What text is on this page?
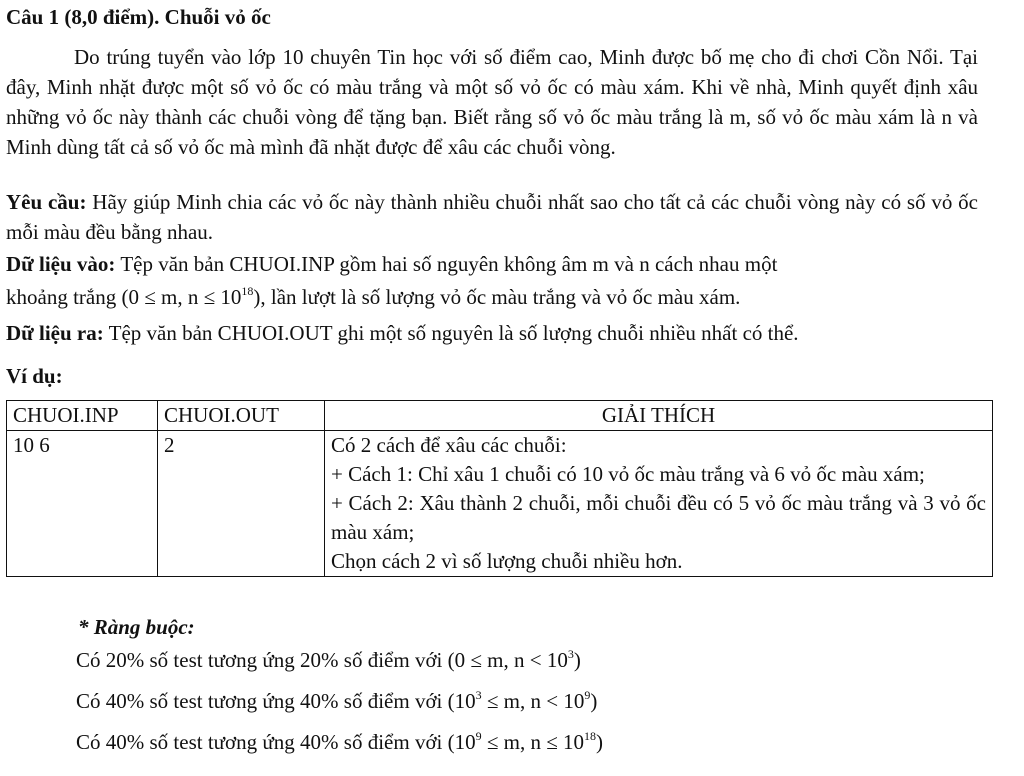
Câu 1 (8,0 điểm). Chuỗi vỏ ốc
Do trúng tuyển vào lớp 10 chuyên Tin học với số điểm cao, Minh được bố mẹ cho đi chơi Cồn Nổi. Tại đây, Minh nhặt được một số vỏ ốc có màu trắng và một số vỏ ốc có màu xám. Khi về nhà, Minh quyết định xâu những vỏ ốc này thành các chuỗi vòng để tặng bạn. Biết rằng số vỏ ốc màu trắng là m, số vỏ ốc màu xám là n và Minh dùng tất cả số vỏ ốc mà mình đã nhặt được để xâu các chuỗi vòng.
Yêu cầu: Hãy giúp Minh chia các vỏ ốc này thành nhiều chuỗi nhất sao cho tất cả các chuỗi vòng này có số vỏ ốc mỗi màu đều bằng nhau.
Dữ liệu vào: Tệp văn bản CHUOI.INP gồm hai số nguyên không âm m và n cách nhau một
khoảng trắng (0 ≤ m, $n \le 10^{18}$), lần lượt là số lượng vỏ ốc màu trắng và vỏ ốc màu xám.
Dữ liệu ra: Tệp văn bản CHUOI.OUT ghi một số nguyên là số lượng chuỗi nhiều nhất có thể.
Ví dụ:
CHUOI.INP	CHUOI.OUT	GIẢI THÍCH
10 6	2	Có 2 cách để xâu các chuỗi:
+ Cách 1: Chỉ xâu 1 chuỗi có 10 vỏ ốc màu trắng và 6 vỏ ốc màu xám;
+ Cách 2: Xâu thành 2 chuỗi, mỗi chuỗi đều có 5 vỏ ốc màu trắng và 3 vỏ ốc màu xám;
Chọn cách 2 vì số lượng chuỗi nhiều hơn.
* Ràng buộc:
Có 20% số test tương ứng 20% số điểm với (0 ≤ m, $n < 10^3$)
Có 40% số test tương ứng 40% số điểm với ($10^3 \le m$, $n < 10^9$)
Có 40% số test tương ứng 40% số điểm với ($10^9 \le m$, $n \le 10^{18}$)
